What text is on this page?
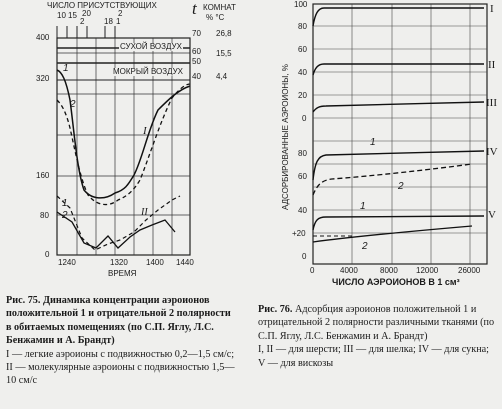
ЧИСЛО ПРИСУТСТВУЮЩИХ
10 15
2
20	2
18 1
t КОМНАТ
% °C
70
60
50
40
26,8
15,5
4,4
СУХОЙ ВОЗДУХ
МОКРЫЙ ВОЗДУХ
400
320
160
80
0
1240	1320 1400 1440
ВРЕМЯ
1
2
I
1
II
2
Рис. 75. Динамика концентрации аэроионов положительной 1 и отрицательной 2 полярности в обитаемых помещениях (по С.П. Яглу, Л.С. Бенжамин и А. Брандт)
I — легкие аэроионы с подвижностью 0,2—1,5 см/с; II — молекулярные аэроионы с подвижностью 1,5—10 см/с
100
80
60
40
20
0
80
60
40
+20
0
АДСОРБИРОВАННЫЕ АЭРОИОНЫ, %
I
II
III
IV
V
1
2
1
2
0	4000	8000 12000 26000
ЧИСЛО АЭРОИОНОВ В 1 см³
Рис. 76. Адсорбция аэроионов положительной 1 и отрицательной 2 полярности различными тканями (по С.П. Яглу, Л.С. Бенжамин и А. Брандт)
I, II — для шерсти; III — для шелка; IV — для сукна; V — для вискозы
